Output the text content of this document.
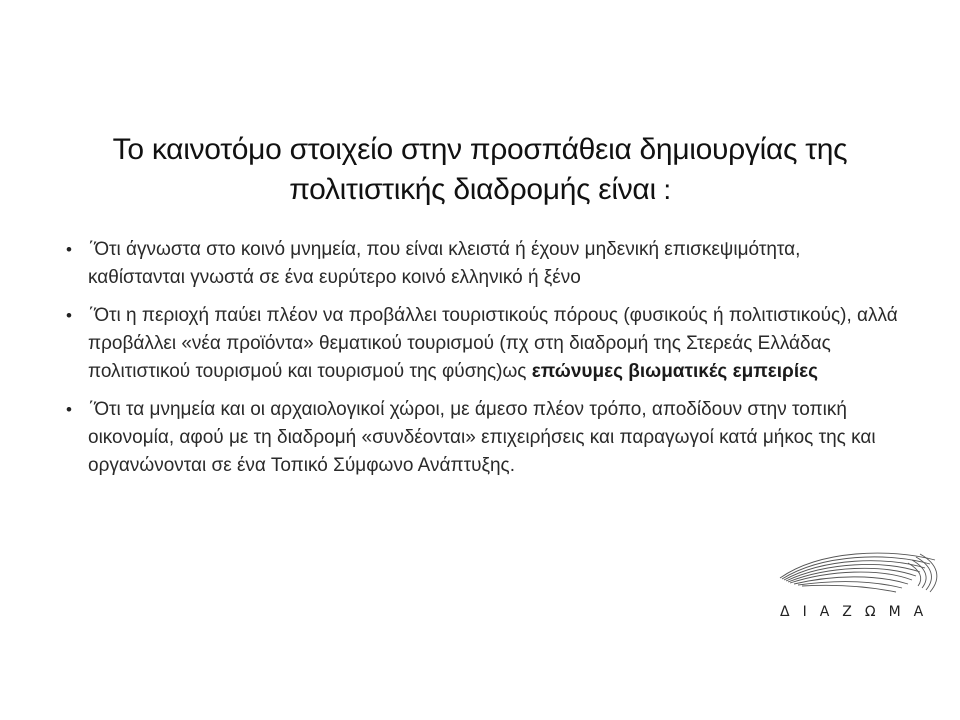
Το καινοτόμο στοιχείο στην προσπάθεια δημιουργίας της πολιτιστικής διαδρομής είναι :
• ΄Ότι άγνωστα στο κοινό μνημεία, που είναι κλειστά ή έχουν μηδενική επισκεψιμότητα, καθίστανται γνωστά σε ένα ευρύτερο κοινό ελληνικό ή ξένο
• ΄Ότι η περιοχή παύει πλέον να προβάλλει τουριστικούς πόρους (φυσικούς ή πολιτιστικούς), αλλά προβάλλει «νέα προϊόντα» θεματικού τουρισμού (πχ στη διαδρομή της Στερεάς Ελλάδας πολιτιστικού τουρισμού και τουρισμού της φύσης)ως επώνυμες βιωματικές εμπειρίες
• ΄Ότι τα μνημεία και οι αρχαιολογικοί χώροι, με άμεσο πλέον τρόπο, αποδίδουν στην τοπική οικονομία, αφού με τη διαδρομή «συνδέονται» επιχειρήσεις και παραγωγοί κατά μήκος της και οργανώνονται σε ένα Τοπικό Σύμφωνο Ανάπτυξης.
ΔΙΑΖΩΜΑ
